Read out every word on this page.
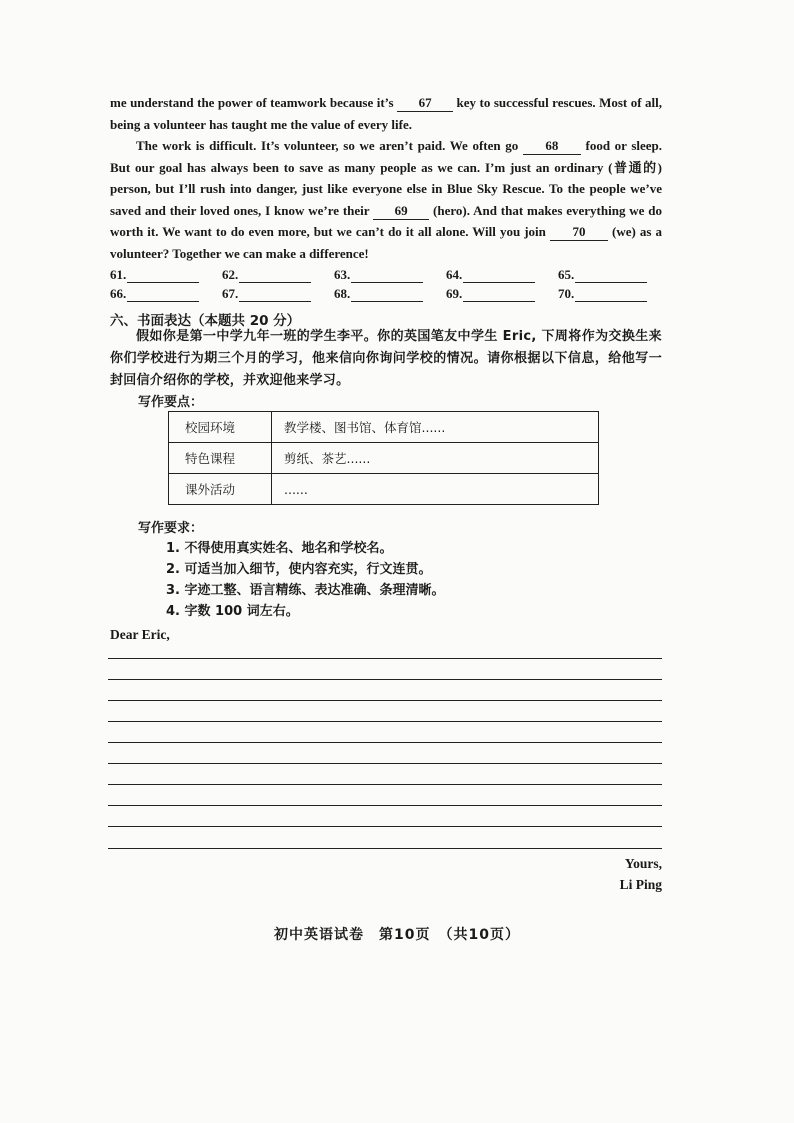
me understand the power of teamwork because it’s 67 key to successful rescues. Most of all, being a volunteer has taught me the value of every life.
The work is difficult. It’s volunteer, so we aren’t paid. We often go 68 food or sleep. But our goal has always been to save as many people as we can. I’m just an ordinary (普通的) person, but I’ll rush into danger, just like everyone else in Blue Sky Rescue. To the people we’ve saved and their loved ones, I know we’re their 69 (hero). And that makes everything we do worth it. We want to do even more, but we can’t do it all alone. Will you join 70 (we) as a volunteer? Together we can make a difference!
61.	62.	63.	64.	65.
66.	67.	68.	69.	70.
六、书面表达（本题共 20 分）
假如你是第一中学九年一班的学生李平。你的英国笔友中学生 Eric, 下周将作为交换生来你们学校进行为期三个月的学习，他来信向你询问学校的情况。请你根据以下信息，给他写一封回信介绍你的学校，并欢迎他来学习。
写作要点：
校园环境	教学楼、图书馆、体育馆......
特色课程	剪纸、茶艺......
课外活动	......
写作要求：
1. 不得使用真实姓名、地名和学校名。
2. 可适当加入细节，使内容充实，行文连贯。
3. 字迹工整、语言精练、表达准确、条理清晰。
4. 字数 100 词左右。
Dear Eric,
Yours,
Li Ping
初中英语试卷　第10页　（共10页）
